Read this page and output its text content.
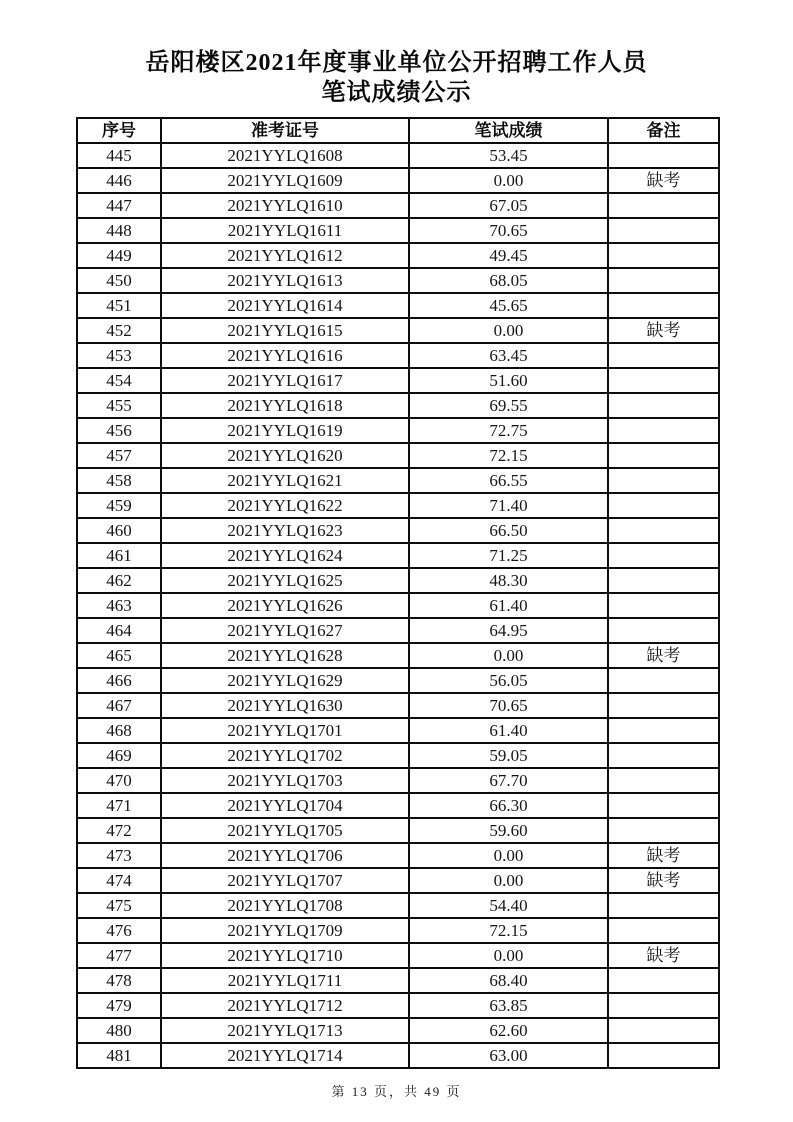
岳阳楼区2021年度事业单位公开招聘工作人员
笔试成绩公示
序号	准考证号	笔试成绩	备注
445	2021YYLQ1608	53.45	
446	2021YYLQ1609	0.00	缺考
447	2021YYLQ1610	67.05	
448	2021YYLQ1611	70.65	
449	2021YYLQ1612	49.45	
450	2021YYLQ1613	68.05	
451	2021YYLQ1614	45.65	
452	2021YYLQ1615	0.00	缺考
453	2021YYLQ1616	63.45	
454	2021YYLQ1617	51.60	
455	2021YYLQ1618	69.55	
456	2021YYLQ1619	72.75	
457	2021YYLQ1620	72.15	
458	2021YYLQ1621	66.55	
459	2021YYLQ1622	71.40	
460	2021YYLQ1623	66.50	
461	2021YYLQ1624	71.25	
462	2021YYLQ1625	48.30	
463	2021YYLQ1626	61.40	
464	2021YYLQ1627	64.95	
465	2021YYLQ1628	0.00	缺考
466	2021YYLQ1629	56.05	
467	2021YYLQ1630	70.65	
468	2021YYLQ1701	61.40	
469	2021YYLQ1702	59.05	
470	2021YYLQ1703	67.70	
471	2021YYLQ1704	66.30	
472	2021YYLQ1705	59.60	
473	2021YYLQ1706	0.00	缺考
474	2021YYLQ1707	0.00	缺考
475	2021YYLQ1708	54.40	
476	2021YYLQ1709	72.15	
477	2021YYLQ1710	0.00	缺考
478	2021YYLQ1711	68.40	
479	2021YYLQ1712	63.85	
480	2021YYLQ1713	62.60	
481	2021YYLQ1714	63.00	
第 13 页，共 49 页
